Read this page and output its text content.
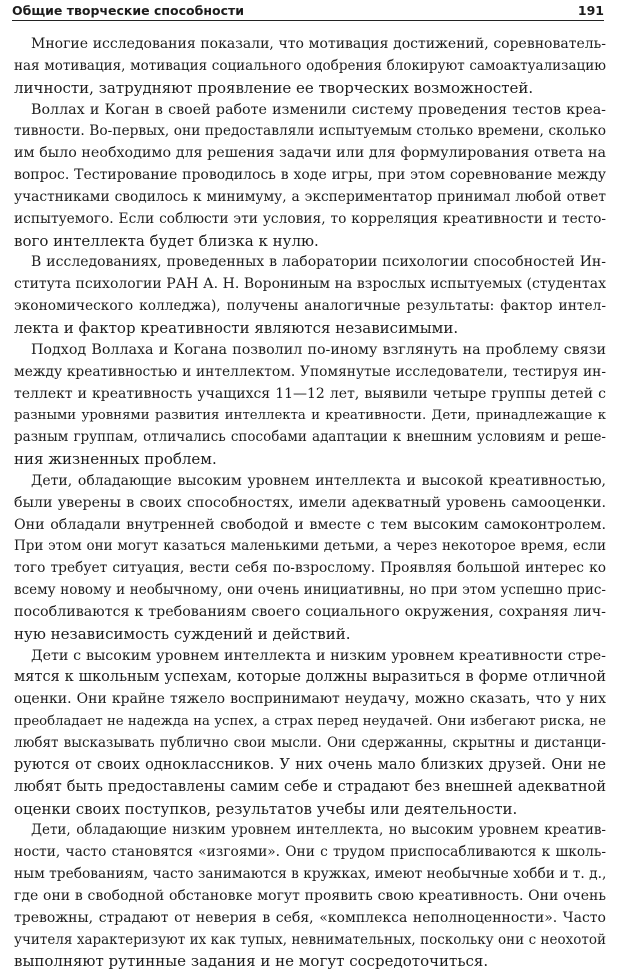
Общие творческие способности	191
Многие исследования показали, что мотивация достижений, соревнователь-
ная мотивация, мотивация социального одобрения блокируют самоактуализацию
личности, затрудняют проявление ее творческих возможностей.
Воллах и Коган в своей работе изменили систему проведения тестов креа-
тивности. Во-первых, они предоставляли испытуемым столько времени, сколько
им было необходимо для решения задачи или для формулирования ответа на
вопрос. Тестирование проводилось в ходе игры, при этом соревнование между
участниками сводилось к минимуму, а экспериментатор принимал любой ответ
испытуемого. Если соблюсти эти условия, то корреляция креативности и тесто-
вого интеллекта будет близка к нулю.
В исследованиях, проведенных в лаборатории психологии способностей Ин-
ститута психологии РАН А. Н. Ворониным на взрослых испытуемых (студентах
экономического колледжа), получены аналогичные результаты: фактор интел-
лекта и фактор креативности являются независимыми.
Подход Воллаха и Когана позволил по-иному взглянуть на проблему связи
между креативностью и интеллектом. Упомянутые исследователи, тестируя ин-
теллект и креативность учащихся 11—12 лет, выявили четыре группы детей с
разными уровнями развития интеллекта и креативности. Дети, принадлежащие к
разным группам, отличались способами адаптации к внешним условиям и реше-
ния жизненных проблем.
Дети, обладающие высоким уровнем интеллекта и высокой креативностью,
были уверены в своих способностях, имели адекватный уровень самооценки.
Они обладали внутренней свободой и вместе с тем высоким самоконтролем.
При этом они могут казаться маленькими детьми, а через некоторое время, если
того требует ситуация, вести себя по-взрослому. Проявляя большой интерес ко
всему новому и необычному, они очень инициативны, но при этом успешно прис-
пособливаются к требованиям своего социального окружения, сохраняя лич-
ную независимость суждений и действий.
Дети с высоким уровнем интеллекта и низким уровнем креативности стре-
мятся к школьным успехам, которые должны выразиться в форме отличной
оценки. Они крайне тяжело воспринимают неудачу, можно сказать, что у них
преобладает не надежда на успех, а страх перед неудачей. Они избегают риска, не
любят высказывать публично свои мысли. Они сдержанны, скрытны и дистанци-
руются от своих одноклассников. У них очень мало близких друзей. Они не
любят быть предоставлены самим себе и страдают без внешней адекватной
оценки своих поступков, результатов учебы или деятельности.
Дети, обладающие низким уровнем интеллекта, но высоким уровнем креатив-
ности, часто становятся «изгоями». Они с трудом приспосабливаются к школь-
ным требованиям, часто занимаются в кружках, имеют необычные хобби и т. д.,
где они в свободной обстановке могут проявить свою креативность. Они очень
тревожны, страдают от неверия в себя, «комплекса неполноценности». Часто
учителя характеризуют их как тупых, невнимательных, поскольку они с неохотой
выполняют рутинные задания и не могут сосредоточиться.
